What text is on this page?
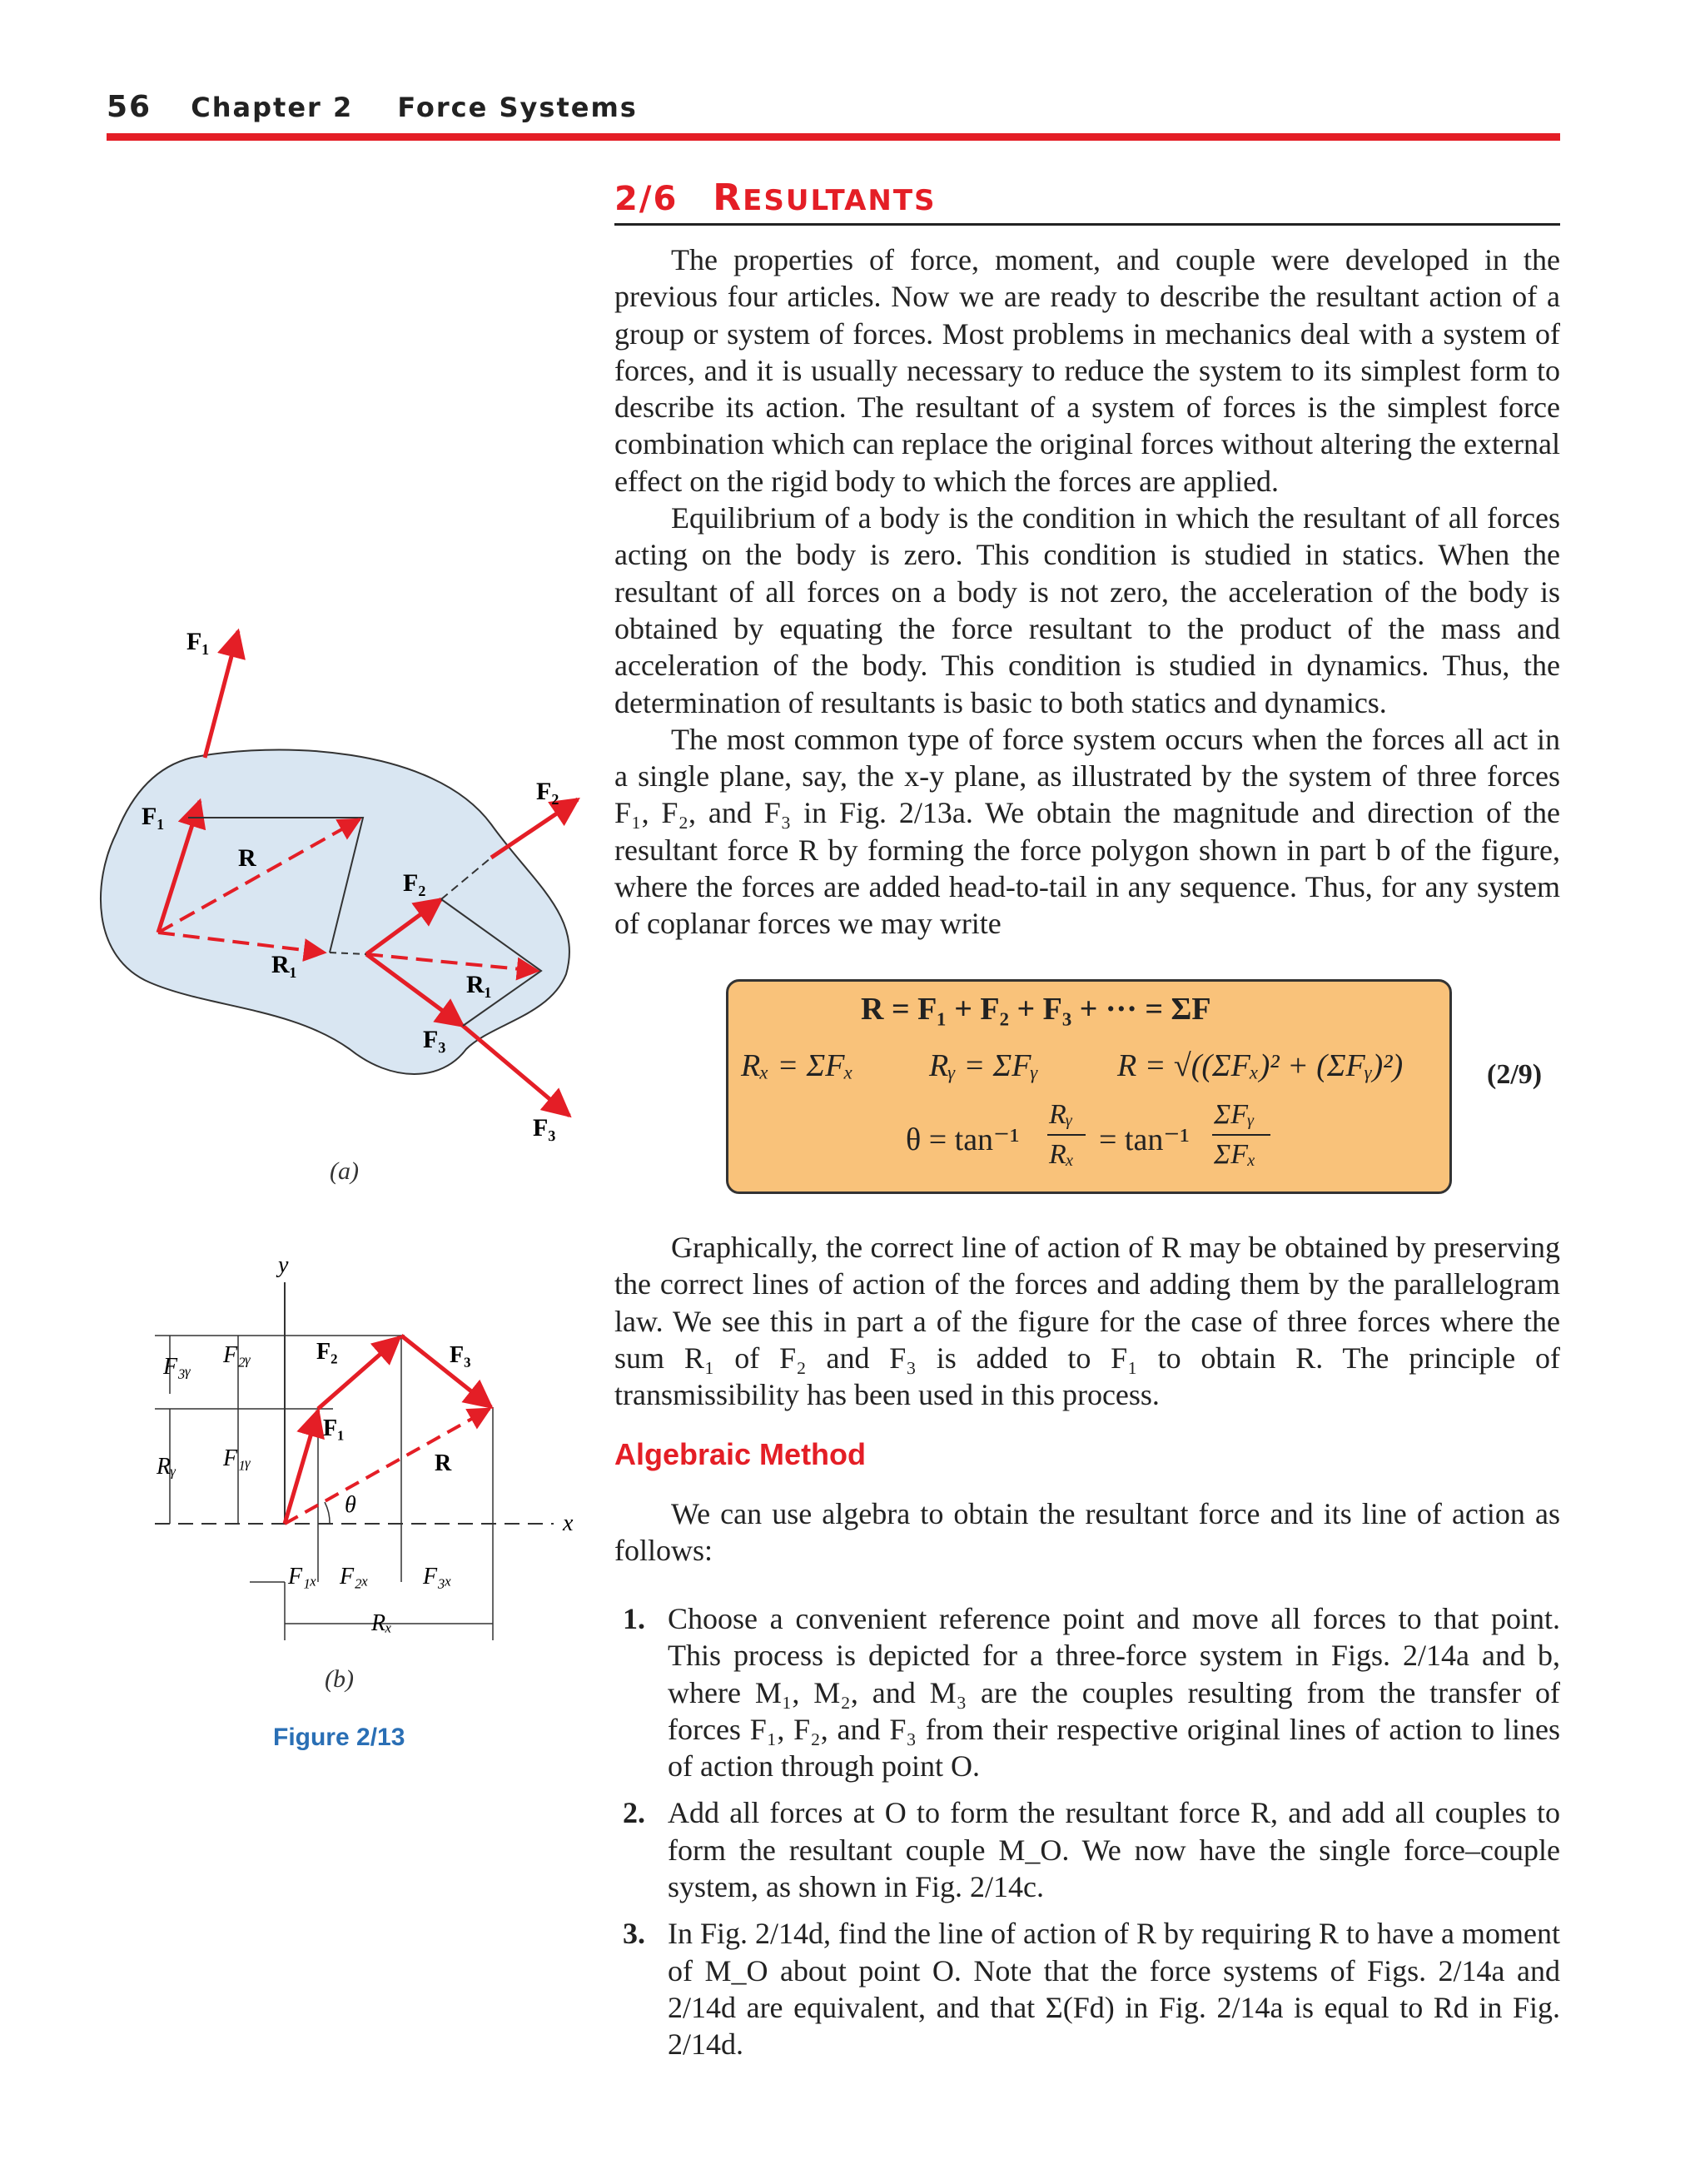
56 Chapter 2 Force Systems
2/6 RESULTANTS

The properties of force, moment, and couple were developed in the previous four articles. Now we are ready to describe the resultant action of a group or system of forces. Most problems in mechanics deal with a system of forces, and it is usually necessary to reduce the system to its simplest form to describe its action. The resultant of a system of forces is the simplest force combination which can replace the original forces without altering the external effect on the rigid body to which the forces are applied.

Equilibrium of a body is the condition in which the resultant of all forces acting on the body is zero. This condition is studied in statics. When the resultant of all forces on a body is not zero, the acceleration of the body is obtained by equating the force resultant to the product of the mass and acceleration of the body. This condition is studied in dynamics. Thus, the determination of resultants is basic to both statics and dynamics.

The most common type of force system occurs when the forces all act in a single plane, say, the x-y plane, as illustrated by the system of three forces F₁, F₂, and F₃ in Fig. 2/13a. We obtain the magnitude and direction of the resultant force R by forming the force polygon shown in part b of the figure, where the forces are added head-to-tail in any sequence. Thus, for any system of coplanar forces we may write

R = F₁ + F₂ + F₃ + ··· = ΣF
Rₓ = ΣFₓ Rᵧ = ΣFᵧ R = √((ΣFₓ)² + (ΣFᵧ)²)
θ = tan⁻¹
Rᵧ
Rₓ = tan⁻¹
ΣFᵧ
ΣFₓ
(2/9)

Graphically, the correct line of action of R may be obtained by preserving the correct lines of action of the forces and adding them by the parallelogram law. We see this in part a of the figure for the case of three forces where the sum R₁ of F₂ and F₃ is added to F₁ to obtain R. The principle of transmissibility has been used in this process.

Algebraic Method

We can use algebra to obtain the resultant force and its line of action as follows:

1. Choose a convenient reference point and move all forces to that point. This process is depicted for a three-force system in Figs. 2/14a and b, where M₁, M₂, and M₃ are the couples resulting from the transfer of forces F₁, F₂, and F₃ from their respective original lines of action to lines of action through point O.
2. Add all forces at O to form the resultant force R, and add all couples to form the resultant couple M_O. We now have the single force–couple system, as shown in Fig. 2/14c.
3. In Fig. 2/14d, find the line of action of R by requiring R to have a moment of M_O about point O. Note that the force systems of Figs. 2/14a and 2/14d are equivalent, and that Σ(Fd) in Fig. 2/14a is equal to Rd in Fig. 2/14d.
F₁
F₁
R
R₁
F₂
F₂
R₁
F₃
F₃
y
x
F₃ᵧ F₂ᵧ	F₂	F₃
F₁
Rᵧ F₁ᵧ	R
θ
F₁ₓ F₂ₓ F₃ₓ
Rₓ
(a)
(b)
Figure 2/13
